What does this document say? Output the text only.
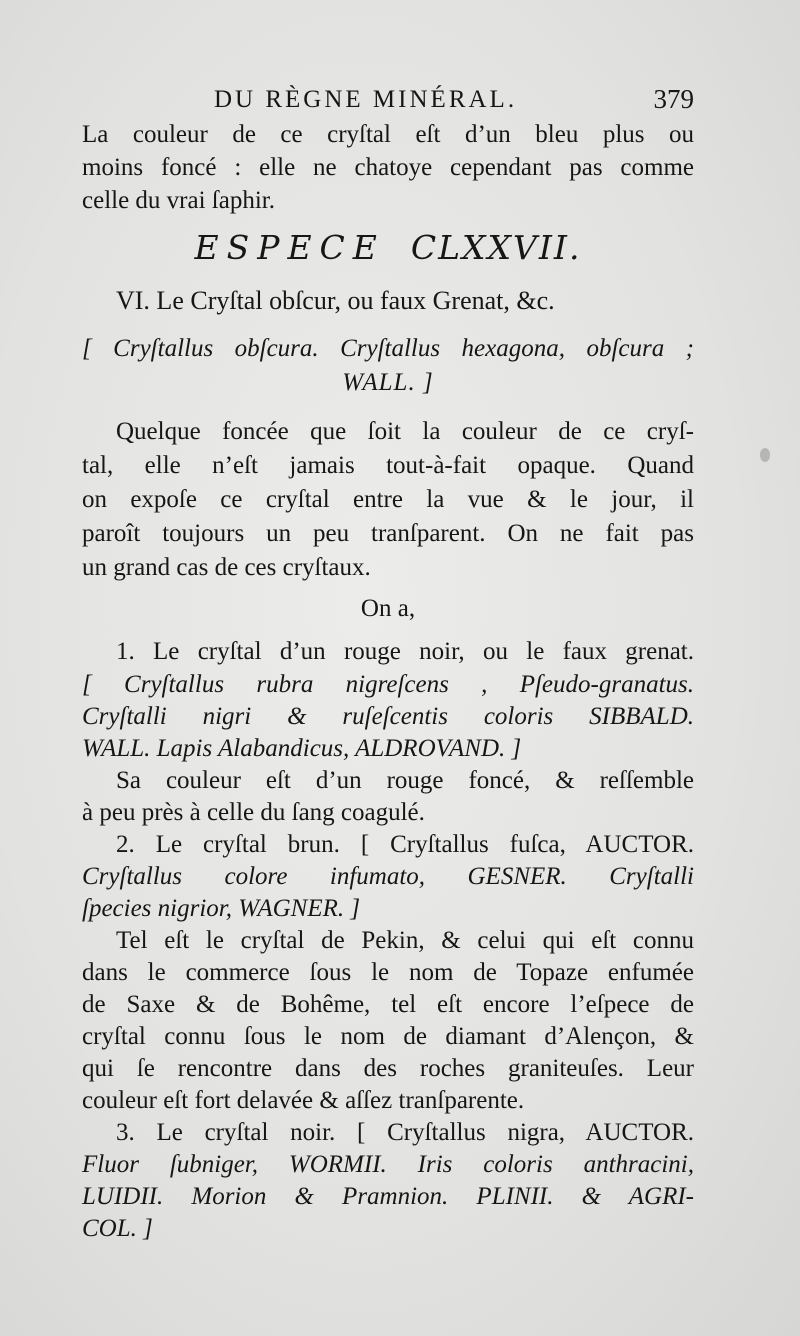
DU RÈGNE MINÉRAL.	379
La couleur de ce cryſtal eſt d’un bleu plus ou
moins foncé : elle ne chatoye cependant pas comme
celle du vrai ſaphir.
ESPECE CLXXVII.
VI. Le Cryſtal obſcur, ou faux Grenat, &c.
[ Cryſtallus obſcura. Cryſtallus hexagona, obſcura ;
WALL. ]
Quelque foncée que ſoit la couleur de ce cryſ-
tal, elle n’eſt jamais tout-à-fait opaque. Quand
on expoſe ce cryſtal entre la vue & le jour, il
paroît toujours un peu tranſparent. On ne fait pas
un grand cas de ces cryſtaux.
On a,
1. Le cryſtal d’un rouge noir, ou le faux grenat.
[ Cryſtallus rubra nigreſcens , Pſeudo-granatus.
Cryſtalli nigri & ruſeſcentis coloris SIBBALD.
WALL. Lapis Alabandicus, ALDROVAND. ]
Sa couleur eſt d’un rouge foncé, & reſſemble
à peu près à celle du ſang coagulé.
2. Le cryſtal brun. [ Cryſtallus fuſca, AUCTOR.
Cryſtallus colore infumato, GESNER. Cryſtalli
ſpecies nigrior, WAGNER. ]
Tel eſt le cryſtal de Pekin, & celui qui eſt connu
dans le commerce ſous le nom de Topaze enfumée
de Saxe & de Bohême, tel eſt encore l’eſpece de
cryſtal connu ſous le nom de diamant d’Alençon, &
qui ſe rencontre dans des roches graniteuſes. Leur
couleur eſt fort delavée & aſſez tranſparente.
3. Le cryſtal noir. [ Cryſtallus nigra, AUCTOR.
Fluor ſubniger, WORMII. Iris coloris anthracini,
LUIDII. Morion & Pramnion. PLINII. & AGRI-
COL. ]
